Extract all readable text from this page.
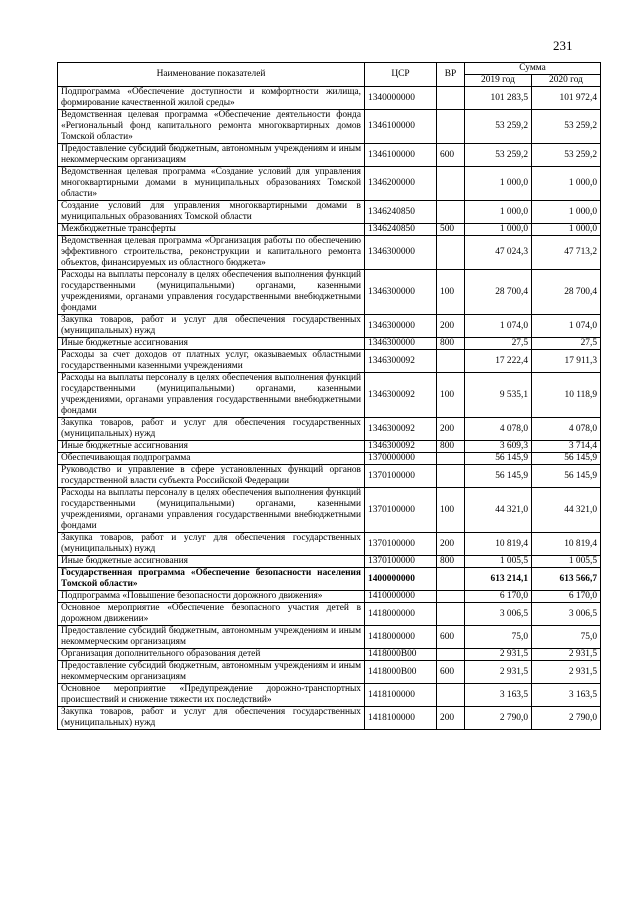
231
Наименование показателей	ЦСР	ВР	Сумма	
			2019 год	2020 год
Подпрограмма «Обеспечение доступности и комфортности жилища, формирование качественной жилой среды»	1340000000		101 283,5	101 972,4
Ведомственная целевая программа «Обеспечение деятельности фонда «Региональный фонд капитального ремонта многоквартирных домов Томской области»	1346100000		53 259,2	53 259,2
Предоставление субсидий бюджетным, автономным учреждениям и иным некоммерческим организациям	1346100000	600	53 259,2	53 259,2
Ведомственная целевая программа «Создание условий для управления многоквартирными домами в муниципальных образованиях Томской области»	1346200000		1 000,0	1 000,0
Создание условий для управления многоквартирными домами в муниципальных образованиях Томской области	1346240850		1 000,0	1 000,0
Межбюджетные трансферты	1346240850	500	1 000,0	1 000,0
Ведомственная целевая программа «Организация работы по обеспечению эффективного строительства, реконструкции и капитального ремонта объектов, финансируемых из областного бюджета»	1346300000		47 024,3	47 713,2
Расходы на выплаты персоналу в целях обеспечения выполнения функций государственными (муниципальными) органами, казенными учреждениями, органами управления государственными внебюджетными фондами	1346300000	100	28 700,4	28 700,4
Закупка товаров, работ и услуг для обеспечения государственных (муниципальных) нужд	1346300000	200	1 074,0	1 074,0
Иные бюджетные ассигнования	1346300000	800	27,5	27,5
Расходы за счет доходов от платных услуг, оказываемых областными государственными казенными учреждениями	1346300092		17 222,4	17 911,3
Расходы на выплаты персоналу в целях обеспечения выполнения функций государственными (муниципальными) органами, казенными учреждениями, органами управления государственными внебюджетными фондами	1346300092	100	9 535,1	10 118,9
Закупка товаров, работ и услуг для обеспечения государственных (муниципальных) нужд	1346300092	200	4 078,0	4 078,0
Иные бюджетные ассигнования	1346300092	800	3 609,3	3 714,4
Обеспечивающая подпрограмма	1370000000		56 145,9	56 145,9
Руководство и управление в сфере установленных функций органов государственной власти субъекта Российской Федерации	1370100000		56 145,9	56 145,9
Расходы на выплаты персоналу в целях обеспечения выполнения функций государственными (муниципальными) органами, казенными учреждениями, органами управления государственными внебюджетными фондами	1370100000	100	44 321,0	44 321,0
Закупка товаров, работ и услуг для обеспечения государственных (муниципальных) нужд	1370100000	200	10 819,4	10 819,4
Иные бюджетные ассигнования	1370100000	800	1 005,5	1 005,5
Государственная программа «Обеспечение безопасности населения Томской области»	1400000000		613 214,1	613 566,7
Подпрограмма «Повышение безопасности дорожного движения»	1410000000		6 170,0	6 170,0
Основное мероприятие «Обеспечение безопасного участия детей в дорожном движении»	1418000000		3 006,5	3 006,5
Предоставление субсидий бюджетным, автономным учреждениям и иным некоммерческим организациям	1418000000	600	75,0	75,0
Организация дополнительного образования детей	1418000В00		2 931,5	2 931,5
Предоставление субсидий бюджетным, автономным учреждениям и иным некоммерческим организациям	1418000В00	600	2 931,5	2 931,5
Основное мероприятие «Предупреждение дорожно-транспортных происшествий и снижение тяжести их последствий»	1418100000		3 163,5	3 163,5
Закупка товаров, работ и услуг для обеспечения государственных (муниципальных) нужд	1418100000	200	2 790,0	2 790,0
